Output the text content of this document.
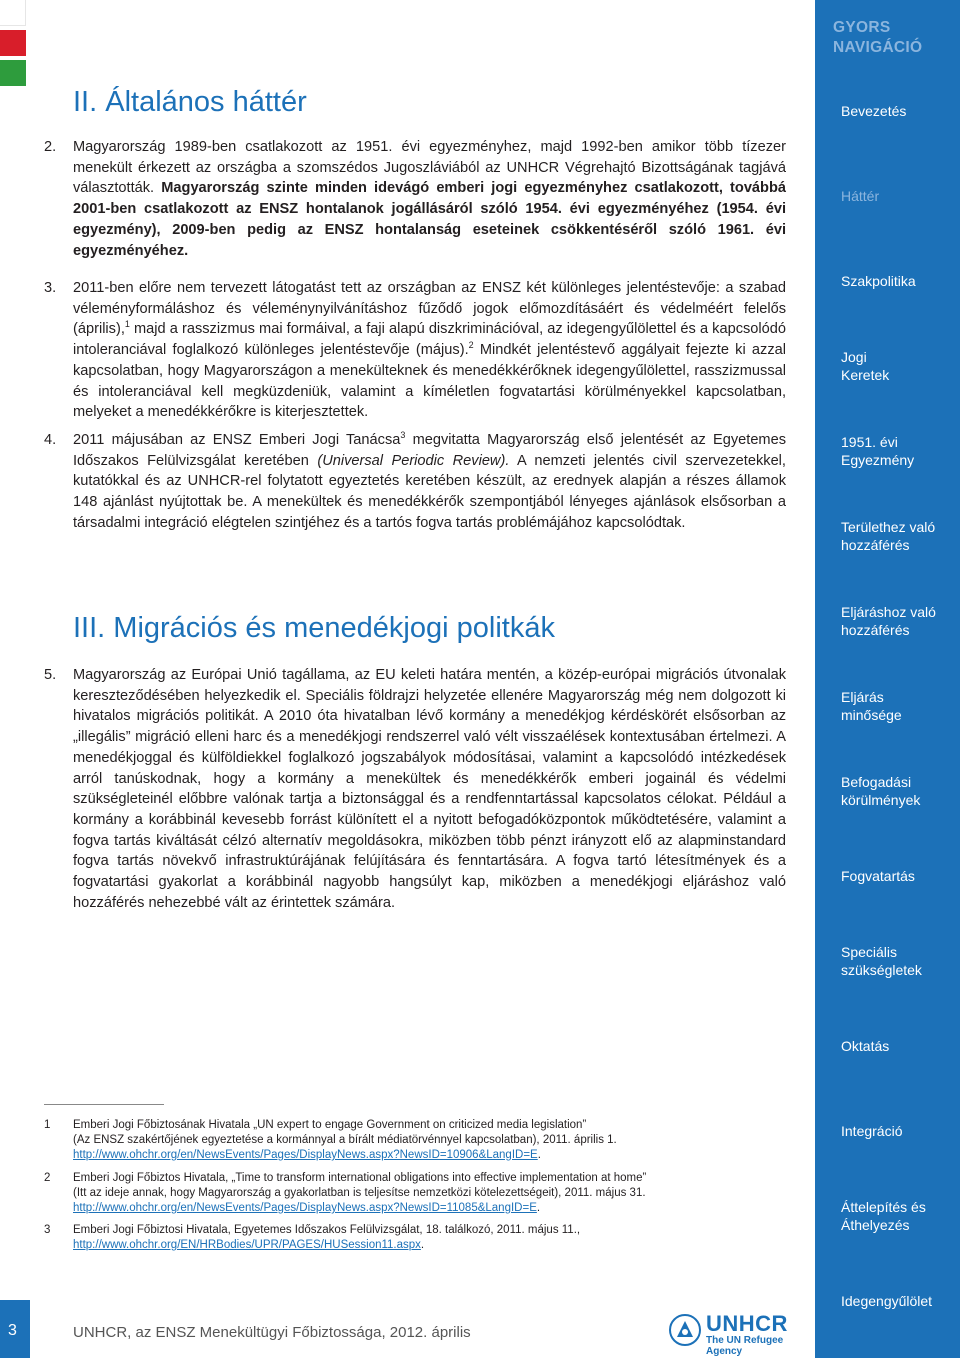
II. Általános háttér
2. Magyarország 1989-ben csatlakozott az 1951. évi egyezményhez, majd 1992-ben amikor több tízezer menekült érkezett az országba a szomszédos Jugoszláviából az UNHCR Végrehajtó Bizottságának tagjává választották. Magyarország szinte minden idevágó emberi jogi egyezményhez csatlakozott, továbbá 2001-ben csatlakozott az ENSZ hontalanok jogállásáról szóló 1954. évi egyezményéhez (1954. évi egyezmény), 2009-ben pedig az ENSZ hontalanság eseteinek csökkentéséről szóló 1961. évi egyezményéhez.
3. 2011-ben előre nem tervezett látogatást tett az országban az ENSZ két különleges jelentéstevője: a szabad véleményformáláshoz és véleménynyilvánításhoz fűződő jogok előmozdításáért és védelméért felelős (április),$^1$ majd a rasszizmus mai formáival, a faji alapú diszkriminációval, az idegengyűlölettel és a kapcsolódó intoleranciával foglalkozó különleges jelentéstevője (május).$^2$ Mindkét jelentéstevő aggályait fejezte ki azzal kapcsolatban, hogy Magyarországon a menekülteknek és menedékkérőknek idegengyűlölettel, rasszizmussal és intoleranciával kell megküzdeniük, valamint a kíméletlen fogvatartási körülményekkel kapcsolatban, melyeket a menedékkérőkre is kiterjesztettek.
4. 2011 májusában az ENSZ Emberi Jogi Tanácsa$^3$ megvitatta Magyarország első jelentését az Egyetemes Időszakos Felülvizsgálat keretében (Universal Periodic Review). A nemzeti jelentés civil szervezetekkel, kutatókkal és az UNHCR-rel folytatott egyeztetés keretében készült, az erednyek alapján a részes államok 148 ajánlást nyújtottak be. A menekültek és menedékkérők szempontjából lényeges ajánlások elsősorban a társadalmi integráció elégtelen szintjéhez és a tartós fogva tartás problémájához kapcsolódtak.
III. Migrációs és menedékjogi politkák
5. Magyarország az Európai Unió tagállama, az EU keleti határa mentén, a közép-európai migrációs útvonalak kereszteződésében helyezkedik el. Speciális földrajzi helyzetée ellenére Magyarország még nem dolgozott ki hivatalos migrációs politikát. A 2010 óta hivatalban lévő kormány a menedékjog kérdéskörét elsősorban az „illegális” migráció elleni harc és a menedékjogi rendszerrel való vélt visszaélések kontextusában értelmezi. A menedékjoggal és külföldiekkel foglalkozó jogszabályok módosításai, valamint a kapcsolódó intézkedések arról tanúskodnak, hogy a kormány a menekültek és menedékkérők emberi jogainál és védelmi szükségleteinél előbbre valónak tartja a biztonsággal és a rendfenntartással kapcsolatos célokat. Például a kormány a korábbinál kevesebb forrást különített el a nyitott befogadóközpontok működtetésére, valamint a fogva tartás kiváltását célzó alternatív megoldásokra, miközben több pénzt irányzott elő az alapminstandard fogva tartás növekvő infrastruktúrájának felújítására és fenntartására. A fogva tartó létesítmények és a fogvatartási gyakorlat a korábbinál nagyobb hangsúlyt kap, miközben a menedékjogi eljáráshoz való hozzáférés nehezebbé vált az érintettek számára.
1 Emberi Jogi Főbiztosának Hivatala „UN expert to engage Government on criticized media legislation”
(Az ENSZ szakértőjének egyeztetése a kormánnyal a bírált médiatörvénnyel kapcsolatban), 2011. április 1.
http://www.ohchr.org/en/NewsEvents/Pages/DisplayNews.aspx?NewsID=10906&LangID=E.
2 Emberi Jogi Főbiztos Hivatala, „Time to transform international obligations into effective implementation at home”
(Itt az ideje annak, hogy Magyarország a gyakorlatban is teljesítse nemzetközi kötelezettségeit), 2011. május 31.
http://www.ohchr.org/en/NewsEvents/Pages/DisplayNews.aspx?NewsID=11085&LangID=E.
3 Emberi Jogi Főbiztosi Hivatala, Egyetemes Időszakos Felülvizsgálat, 18. találkozó, 2011. május 11.,
http://www.ohchr.org/EN/HRBodies/UPR/PAGES/HUSession11.aspx.
GYORS NAVIGÁCIÓ
Bevezetés
Háttér
Szakpolitika
Jogi Keretek
1951. évi Egyezmény
Területhez való hozzáférés
Eljáráshoz való hozzáférés
Eljárás minősége
Befogadási körülmények
Fogvatartás
Speciális szükségletek
Oktatás
Integráció
Áttelepítés és Áthelyezés
Idegengyűlölet
3	UNHCR, az ENSZ Menekültügyi Főbiztossága, 2012. április	UNHCR
The UN Refugee Agency
